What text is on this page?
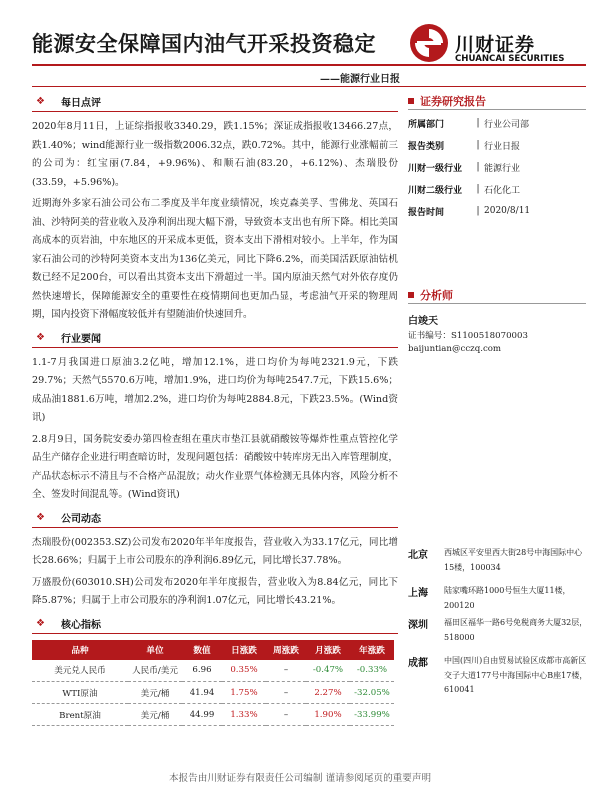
能源安全保障国内油气开采投资稳定	川财证券
CHUANCAI SECURITIES
——能源行业日报
❖ 每日点评

2020年8月11日，上证综指报收3340.29，跌1.15%；深证成指报收13466.27点，跌1.40%；wind能源行业一级指数2006.32点，跌0.72%。其中，能源行业涨幅前三的公司为：红宝丽(7.84，+9.96%)、和顺石油(83.20，+6.12%)、杰瑞股份(33.59，+5.96%)。

近期海外多家石油公司公布二季度及半年度业绩情况，埃克森美孚、雪佛龙、英国石油、沙特阿美的营业收入及净利润出现大幅下滑，导致资本支出也有所下降。相比美国高成本的页岩油，中东地区的开采成本更低，资本支出下滑相对较小。上半年，作为国家石油公司的沙特阿美资本支出为136亿美元，同比下降6.2%，而美国活跃原油钻机数已经不足200台，可以看出其资本支出下滑超过一半。国内原油天然气对外依存度仍然快速增长，保障能源安全的重要性在疫情期间也更加凸显，考虑油气开采的物理周期，国内投资下滑幅度较低并有望随油价快速回升。

❖ 行业要闻

1.1-7月我国进口原油3.2亿吨，增加12.1%，进口均价为每吨2321.9元，下跌29.7%；天然气5570.6万吨，增加1.9%，进口均价为每吨2547.7元，下跌15.6%；成品油1881.6万吨，增加2.2%，进口均价为每吨2884.8元，下跌23.5%。(Wind资讯)

2.8月9日，国务院安委办第四检查组在重庆市垫江县就硝酸铵等爆炸性重点管控化学品生产储存企业进行明查暗访时，发现问题包括：硝酸铵中转库房无出入库管理制度，产品状态标示不清且与不合格产品混放；动火作业票气体检测无具体内容，风险分析不全、签发时间混乱等。(Wind资讯)

❖ 公司动态

杰瑞股份(002353.SZ)公司发布2020年半年度报告，营业收入为33.17亿元，同比增长28.66%；归属于上市公司股东的净利润6.89亿元，同比增长37.78%。

万盛股份(603010.SH)公司发布2020年半年度报告，营业收入为8.84亿元，同比下降5.87%；归属于上市公司股东的净利润1.07亿元，同比增长43.21%。

❖ 核心指标
品种	单位	数值	日涨跌	周涨跌	月涨跌	年涨跌
美元兑人民币	人民币/美元	6.96	0.35%	–	-0.47%	-0.33%
WTI原油	美元/桶	41.94	1.75%	–	2.27%	-32.05%
Brent原油	美元/桶	44.99	1.33%	–	1.90%	-33.99%
证券研究报告
所属部门	| 行业公司部
报告类别	| 行业日报
川财一级行业	| 能源行业
川财二级行业	| 石化化工
报告时间	| 2020/8/11
分析师
白竣天
证书编号：S1100518070003
baijuntian@cczq.com
北京 西城区平安里西大街28号中海国际中心15楼，100034
上海 陆家嘴环路1000号恒生大厦11楼，200120
深圳 福田区福华一路6号免税商务大厦32层，518000
成都 中国(四川)自由贸易试验区成都市高新区交子大道177号中海国际中心B座17楼，610041
本报告由川财证券有限责任公司编制 谨请参阅尾页的重要声明
